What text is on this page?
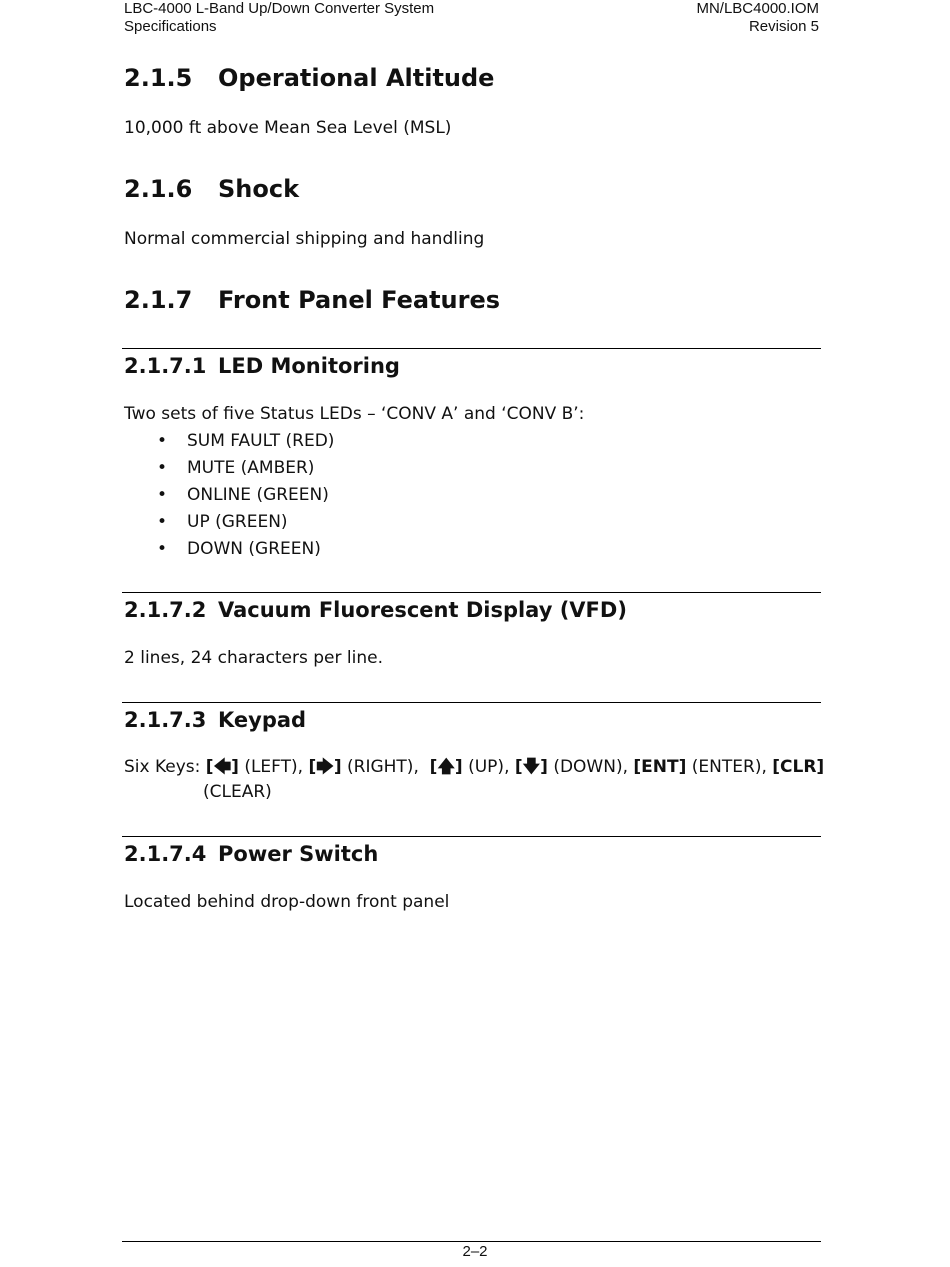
LBC-4000 L-Band Up/Down Converter System
Specifications
MN/LBC4000.IOM
Revision 5
2.1.5 Operational Altitude
10,000 ft above Mean Sea Level (MSL)
2.1.6 Shock
Normal commercial shipping and handling
2.1.7 Front Panel Features
2.1.7.1 LED Monitoring
Two sets of five Status LEDs – ‘CONV A’ and ‘CONV B’:
• SUM FAULT (RED)
• MUTE (AMBER)
• ONLINE (GREEN)
• UP (GREEN)
• DOWN (GREEN)
2.1.7.2 Vacuum Fluorescent Display (VFD)
2 lines, 24 characters per line.
2.1.7.3 Keypad
Six Keys: [🡄] (LEFT), [🡆] (RIGHT),  [🡅] (UP), [🡇] (DOWN), [ENT] (ENTER), [CLR]
(CLEAR)
2.1.7.4 Power Switch
Located behind drop-down front panel
2–2
